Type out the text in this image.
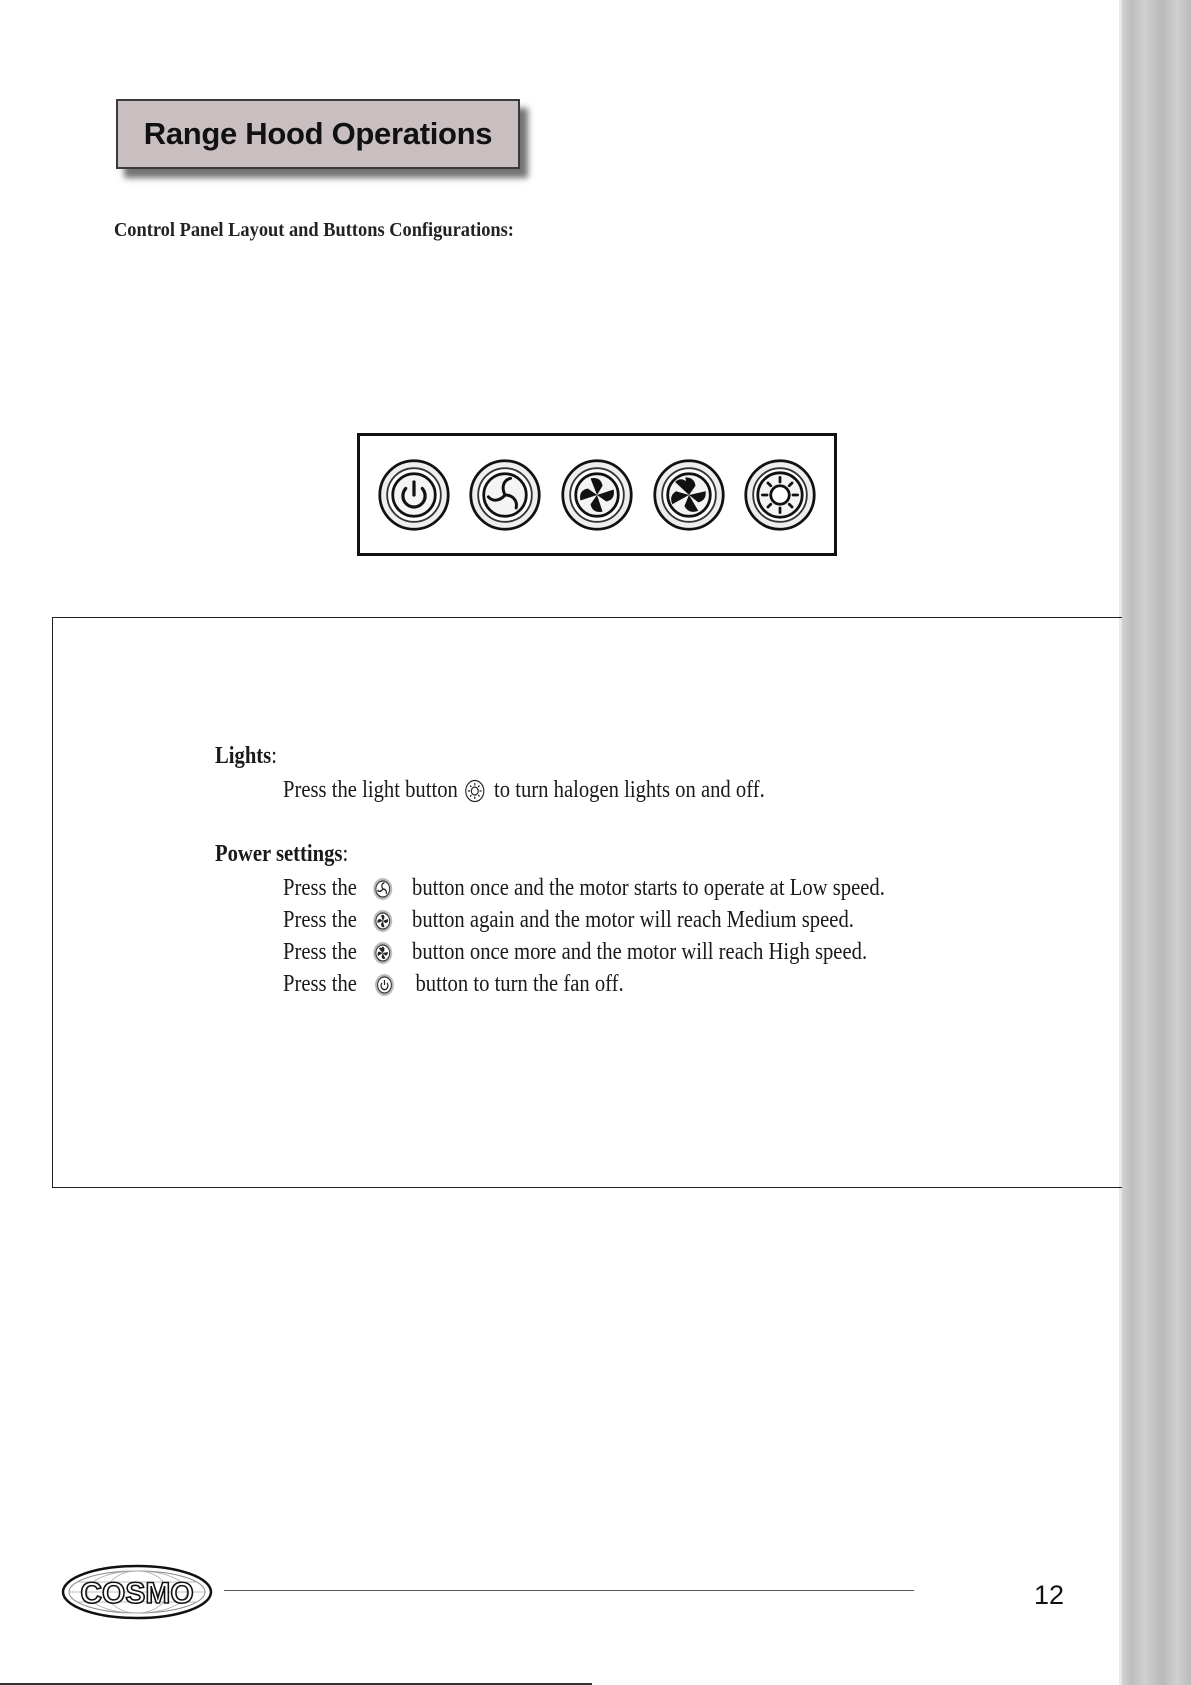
Range Hood Operations
Control Panel Layout and Buttons Configurations:
Lights :
Press the light button to turn halogen lights on and off.
Power settings :
Press the button once and the motor starts to operate at Low speed.
Press the button again and the motor will reach Medium speed.
Press the button once more and the motor will reach High speed.
Press the button to turn the fan off.
COSMO	12
